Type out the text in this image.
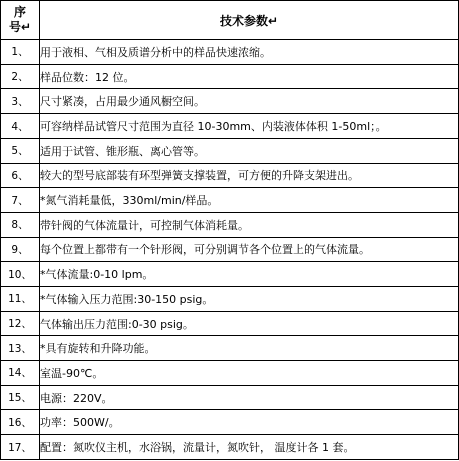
序
号↵	技术参数↵
1、	用于液相、气相及质谱分析中的样品快速浓缩。
2、	样品位数：12 位。
3、	尺寸紧凑，占用最少通风橱空间。
4、	可容纳样品试管尺寸范围为直径 10-30mm、内装液体体积 1-50ml；。
5、	适用于试管、锥形瓶、离心管等。
6、	较大的型号底部装有环型弹簧支撑装置，可方便的升降支架进出。
7、	*氮气消耗量低，330ml/min/样品。
8、	带针阀的气体流量计，可控制气体消耗量。
9、	每个位置上都带有一个针形阀，可分别调节各个位置上的气体流量。
10、	*气体流量:0-10 lpm。
11、	*气体输入压力范围:30-150 psig。
12、	气体输出压力范围:0-30 psig。
13、	*具有旋转和升降功能。
14、	室温-90℃。
15、	电源：220V。
16、	功率：500W/。
17、	配置：氮吹仪主机，水浴锅，流量计，氮吹针， 温度计各 1 套。
